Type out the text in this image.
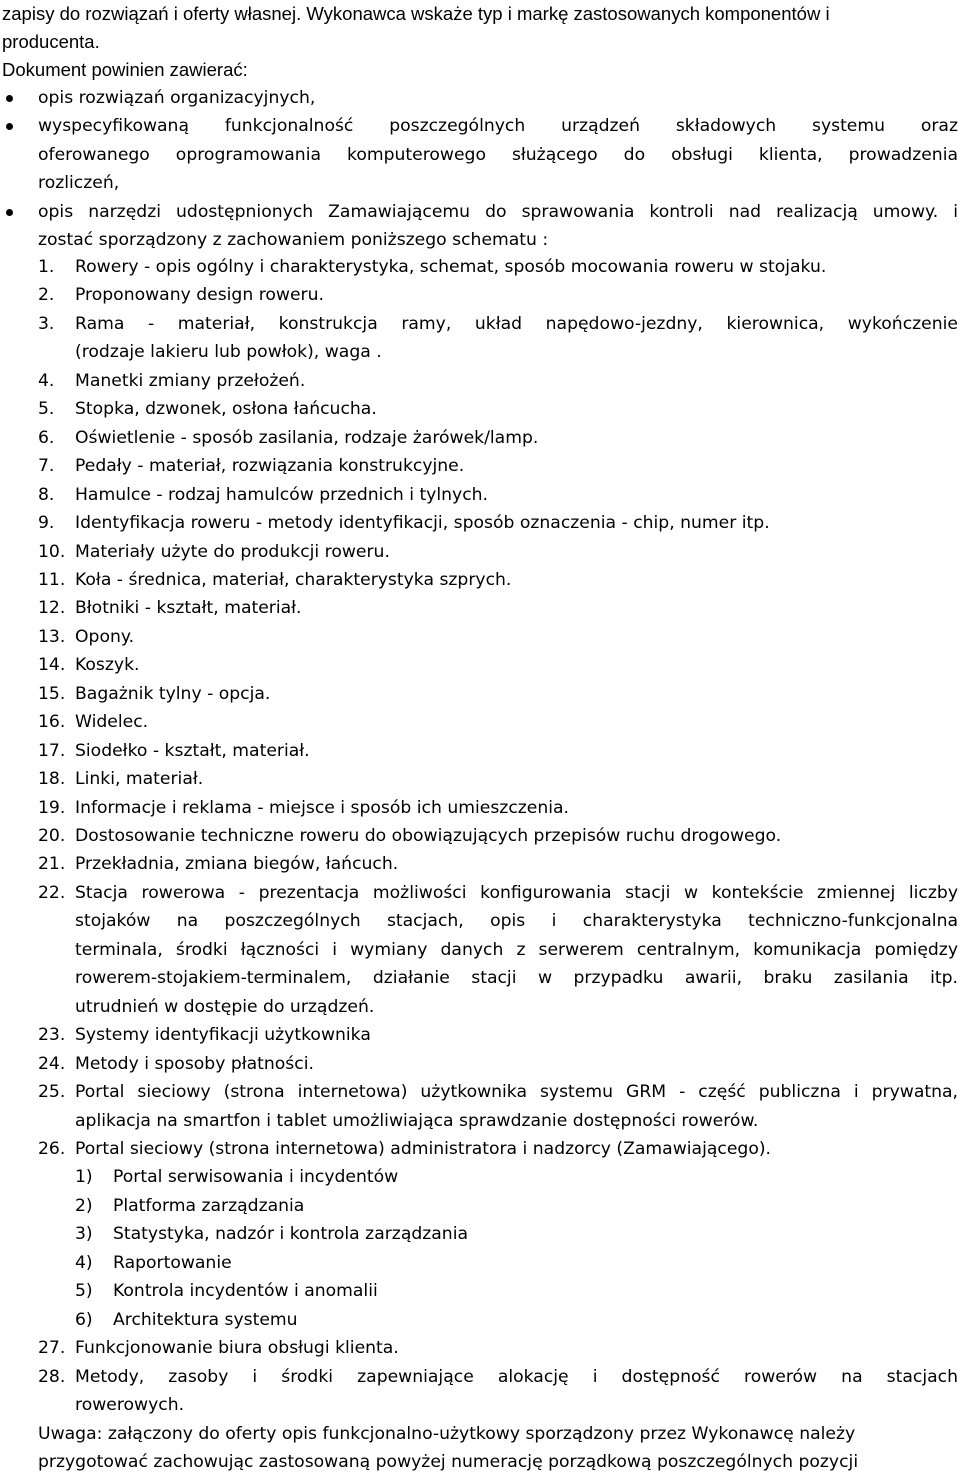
zapisy do rozwiązań i oferty własnej. Wykonawca wskaże typ i markę zastosowanych komponentów i
producenta.
Dokument powinien zawierać:
opis rozwiązań organizacyjnych,
wyspecyfikowaną funkcjonalność poszczególnych urządzeń składowych systemu oraz
oferowanego oprogramowania komputerowego służącego do obsługi klienta, prowadzenia
rozliczeń,
opis narzędzi udostępnionych Zamawiającemu do sprawowania kontroli nad realizacją umowy. i
zostać sporządzony z zachowaniem poniższego schematu :
1. Rowery - opis ogólny i charakterystyka, schemat, sposób mocowania roweru w stojaku.
2. Proponowany design roweru.
3. Rama - materiał, konstrukcja ramy, układ napędowo-jezdny, kierownica, wykończenie
(rodzaje lakieru lub powłok), waga .
4. Manetki zmiany przełożeń.
5. Stopka, dzwonek, osłona łańcucha.
6. Oświetlenie - sposób zasilania, rodzaje żarówek/lamp.
7. Pedały - materiał, rozwiązania konstrukcyjne.
8. Hamulce - rodzaj hamulców przednich i tylnych.
9. Identyfikacja roweru - metody identyfikacji, sposób oznaczenia - chip, numer itp.
10. Materiały użyte do produkcji roweru.
11. Koła - średnica, materiał, charakterystyka szprych.
12. Błotniki - kształt, materiał.
13. Opony.
14. Koszyk.
15. Bagażnik tylny - opcja.
16. Widelec.
17. Siodełko - kształt, materiał.
18. Linki, materiał.
19. Informacje i reklama - miejsce i sposób ich umieszczenia.
20. Dostosowanie techniczne roweru do obowiązujących przepisów ruchu drogowego.
21. Przekładnia, zmiana biegów, łańcuch.
22. Stacja rowerowa - prezentacja możliwości konfigurowania stacji w kontekście zmiennej liczby
stojaków na poszczególnych stacjach, opis i charakterystyka techniczno-funkcjonalna
terminala, środki łączności i wymiany danych z serwerem centralnym, komunikacja pomiędzy
rowerem-stojakiem-terminalem, działanie stacji w przypadku awarii, braku zasilania itp.
utrudnień w dostępie do urządzeń.
23. Systemy identyfikacji użytkownika
24. Metody i sposoby płatności.
25. Portal sieciowy (strona internetowa) użytkownika systemu GRM - część publiczna i prywatna,
aplikacja na smartfon i tablet umożliwiająca sprawdzanie dostępności rowerów.
26. Portal sieciowy (strona internetowa) administratora i nadzorcy (Zamawiającego).
1) Portal serwisowania i incydentów
2) Platforma zarządzania
3) Statystyka, nadzór i kontrola zarządzania
4) Raportowanie
5) Kontrola incydentów i anomalii
6) Architektura systemu
27. Funkcjonowanie biura obsługi klienta.
28. Metody, zasoby i środki zapewniające alokację i dostępność rowerów na stacjach
rowerowych.
Uwaga: załączony do oferty opis funkcjonalno-użytkowy sporządzony przez Wykonawcę należy
przygotować zachowując zastosowaną powyżej numerację porządkową poszczególnych pozycji
